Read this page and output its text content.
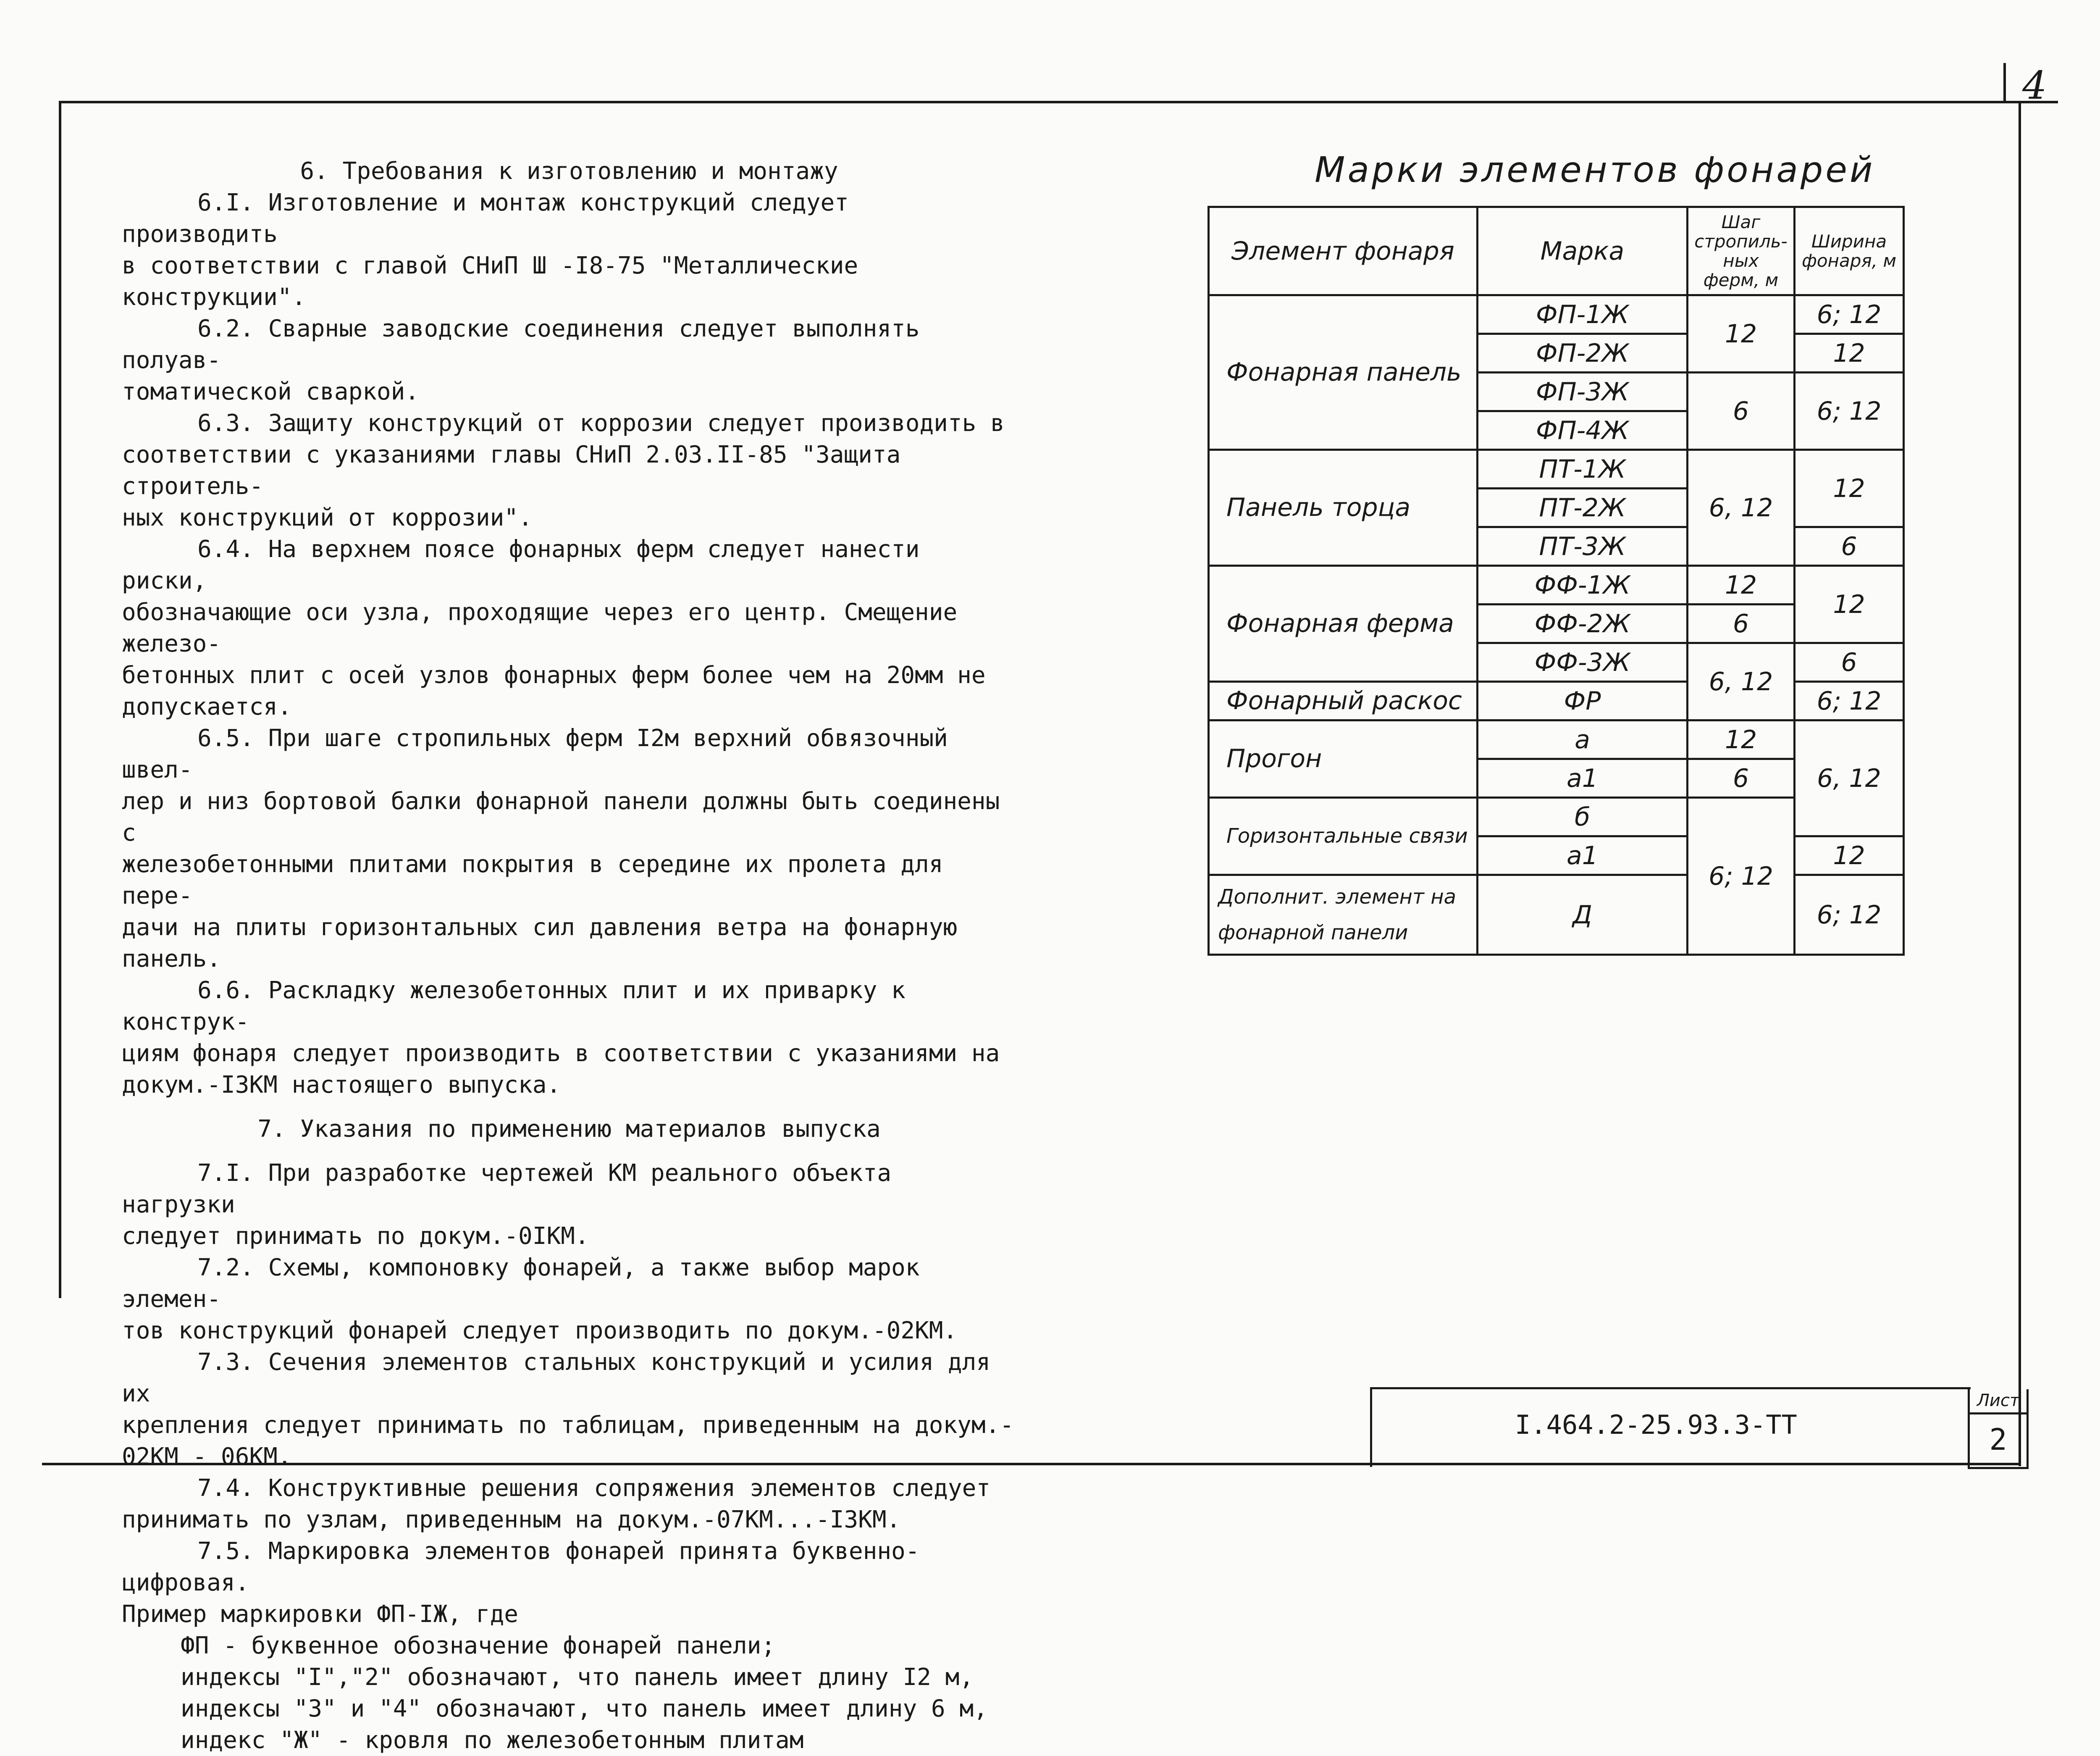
4

6. Требования к изготовлению и монтажу

6.I. Изготовление и монтаж конструкций следует производить

в соответствии с главой СНиП Ш -I8-75 "Металлические конструкции".

6.2. Сварные заводские соединения следует выполнять полуав-

томатической сваркой.

6.3. Защиту конструкций от коррозии следует производить в

соответствии с указаниями главы СНиП 2.03.II-85 "Защита строитель-

ных конструкций от коррозии".

6.4. На верхнем поясе фонарных ферм следует нанести риски,

обозначающие оси узла, проходящие через его центр. Смещение железо-

бетонных плит с осей узлов фонарных ферм более чем на 20мм не

допускается.

6.5. При шаге стропильных ферм I2м верхний обвязочный швел-

лер и низ бортовой балки фонарной панели должны быть соединены с

железобетонными плитами покрытия в середине их пролета для пере-

дачи на плиты горизонтальных сил давления ветра на фонарную панель.

6.6. Раскладку железобетонных плит и их приварку к конструк-

циям фонаря следует производить в соответствии с указаниями на

докум.-I3КМ настоящего выпуска.

7. Указания по применению материалов выпуска

7.I. При разработке чертежей КМ реального объекта нагрузки

следует принимать по докум.-0IКМ.

7.2. Схемы, компоновку фонарей, а также выбор марок элемен-

тов конструкций фонарей следует производить по докум.-02КМ.

7.3. Сечения элементов стальных конструкций и усилия для их

крепления следует принимать по таблицам, приведенным на докум.-

02КМ - 06КМ.

7.4. Конструктивные решения сопряжения элементов следует

принимать по узлам, приведенным на докум.-07КМ...-I3КМ.

7.5. Маркировка элементов фонарей принята буквенно-цифровая.

Пример маркировки ФП-IЖ, где

ФП - буквенное обозначение фонарей панели;

индексы "I","2" обозначают, что панель имеет длину I2 м,

индексы "3" и "4" обозначают, что панель имеет длину 6 м,

индекс "Ж" - кровля по железобетонным плитам

Марки элементов фонарей
Элемент фонаря	Марка	Шаг стропиль- ных ферм, м	Ширина фонаря, м
Фонарная панель	ФП-1Ж	12	6; 12
	ФП-2Ж		12
	ФП-3Ж	6	6; 12
	ФП-4Ж		
Панель торца	ПТ-1Ж	6, 12	12
	ПТ-2Ж		
	ПТ-3Ж		6
Фонарная ферма	ФФ-1Ж	12	12
	ФФ-2Ж	6	
	ФФ-3Ж	6, 12	6
Фонарный раскос	ФР		6; 12
Прогон	а	12	6, 12
	а1	6	
Горизонтальные связи	б	6; 12	
	а1		12
Дополнит. элемент на фонарной панели	Д		6; 12
I.464.2-25.93.3-ТТ
Лист
2
